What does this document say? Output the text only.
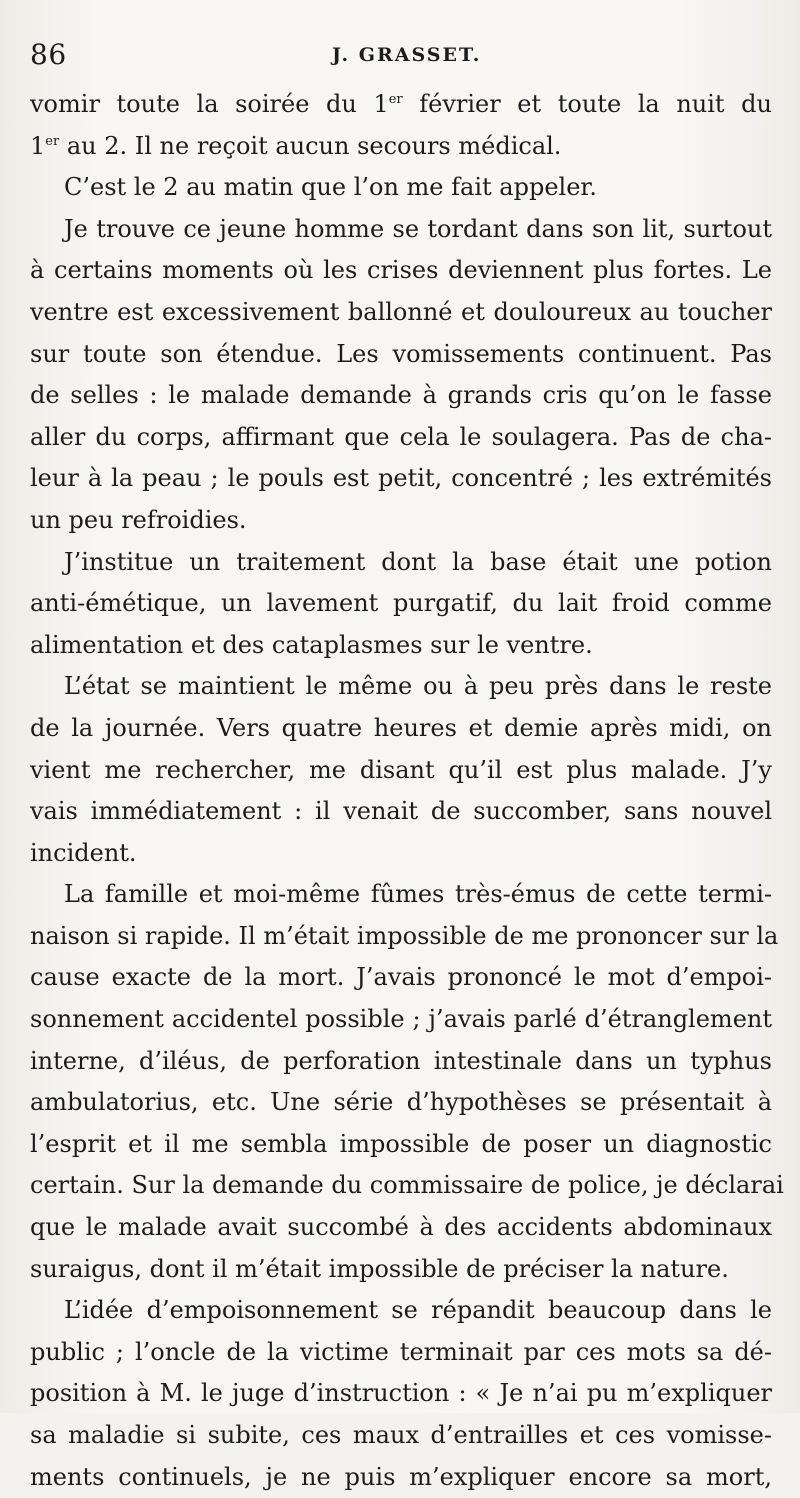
86	J. GRASSET.
vomir toute la soirée du 1er février et toute la nuit du
1er au 2. Il ne reçoit aucun secours médical.
C’est le 2 au matin que l’on me fait appeler.
Je trouve ce jeune homme se tordant dans son lit, surtout
à certains moments où les crises deviennent plus fortes. Le
ventre est excessivement ballonné et douloureux au toucher
sur toute son étendue. Les vomissements continuent. Pas
de selles : le malade demande à grands cris qu’on le fasse
aller du corps, affirmant que cela le soulagera. Pas de cha-
leur à la peau ; le pouls est petit, concentré ; les extrémités
un peu refroidies.
J’institue un traitement dont la base était une potion
anti-émétique, un lavement purgatif, du lait froid comme
alimentation et des cataplasmes sur le ventre.
L’état se maintient le même ou à peu près dans le reste
de la journée. Vers quatre heures et demie après midi, on
vient me rechercher, me disant qu’il est plus malade. J’y
vais immédiatement : il venait de succomber, sans nouvel
incident.
La famille et moi-même fûmes très-émus de cette termi-
naison si rapide. Il m’était impossible de me prononcer sur la
cause exacte de la mort. J’avais prononcé le mot d’empoi-
sonnement accidentel possible ; j’avais parlé d’étranglement
interne, d’iléus, de perforation intestinale dans un typhus
ambulatorius, etc. Une série d’hypothèses se présentait à
l’esprit et il me sembla impossible de poser un diagnostic
certain. Sur la demande du commissaire de police, je déclarai
que le malade avait succombé à des accidents abdominaux
suraigus, dont il m’était impossible de préciser la nature.
L’idée d’empoisonnement se répandit beaucoup dans le
public ; l’oncle de la victime terminait par ces mots sa dé-
position à M. le juge d’instruction : « Je n’ai pu m’expliquer
sa maladie si subite, ces maux d’entrailles et ces vomisse-
ments continuels, je ne puis m’expliquer encore sa mort,
